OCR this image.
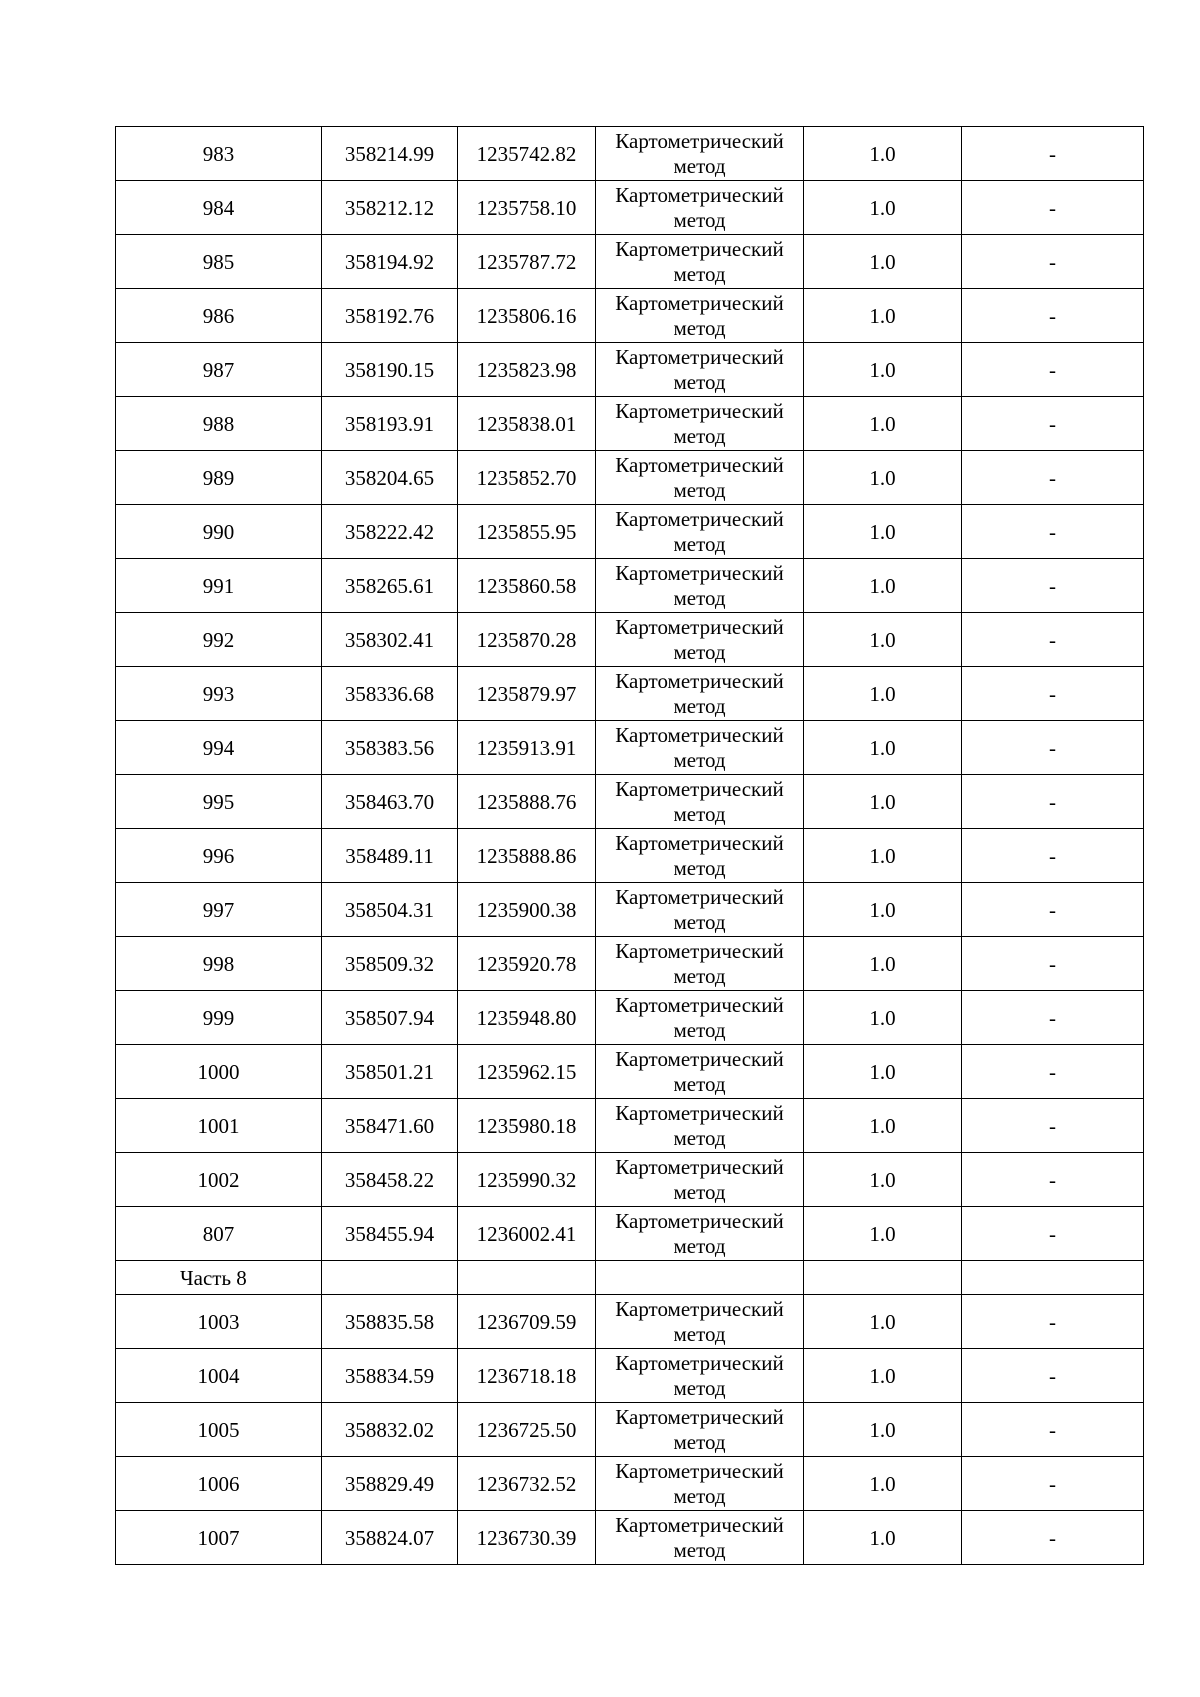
983	358214.99	1235742.82	Картометрический
метод	1.0	-
984	358212.12	1235758.10	Картометрический
метод	1.0	-
985	358194.92	1235787.72	Картометрический
метод	1.0	-
986	358192.76	1235806.16	Картометрический
метод	1.0	-
987	358190.15	1235823.98	Картометрический
метод	1.0	-
988	358193.91	1235838.01	Картометрический
метод	1.0	-
989	358204.65	1235852.70	Картометрический
метод	1.0	-
990	358222.42	1235855.95	Картометрический
метод	1.0	-
991	358265.61	1235860.58	Картометрический
метод	1.0	-
992	358302.41	1235870.28	Картометрический
метод	1.0	-
993	358336.68	1235879.97	Картометрический
метод	1.0	-
994	358383.56	1235913.91	Картометрический
метод	1.0	-
995	358463.70	1235888.76	Картометрический
метод	1.0	-
996	358489.11	1235888.86	Картометрический
метод	1.0	-
997	358504.31	1235900.38	Картометрический
метод	1.0	-
998	358509.32	1235920.78	Картометрический
метод	1.0	-
999	358507.94	1235948.80	Картометрический
метод	1.0	-
1000	358501.21	1235962.15	Картометрический
метод	1.0	-
1001	358471.60	1235980.18	Картометрический
метод	1.0	-
1002	358458.22	1235990.32	Картометрический
метод	1.0	-
807	358455.94	1236002.41	Картометрический
метод	1.0	-
Часть 8					
1003	358835.58	1236709.59	Картометрический
метод	1.0	-
1004	358834.59	1236718.18	Картометрический
метод	1.0	-
1005	358832.02	1236725.50	Картометрический
метод	1.0	-
1006	358829.49	1236732.52	Картометрический
метод	1.0	-
1007	358824.07	1236730.39	Картометрический
метод	1.0	-
